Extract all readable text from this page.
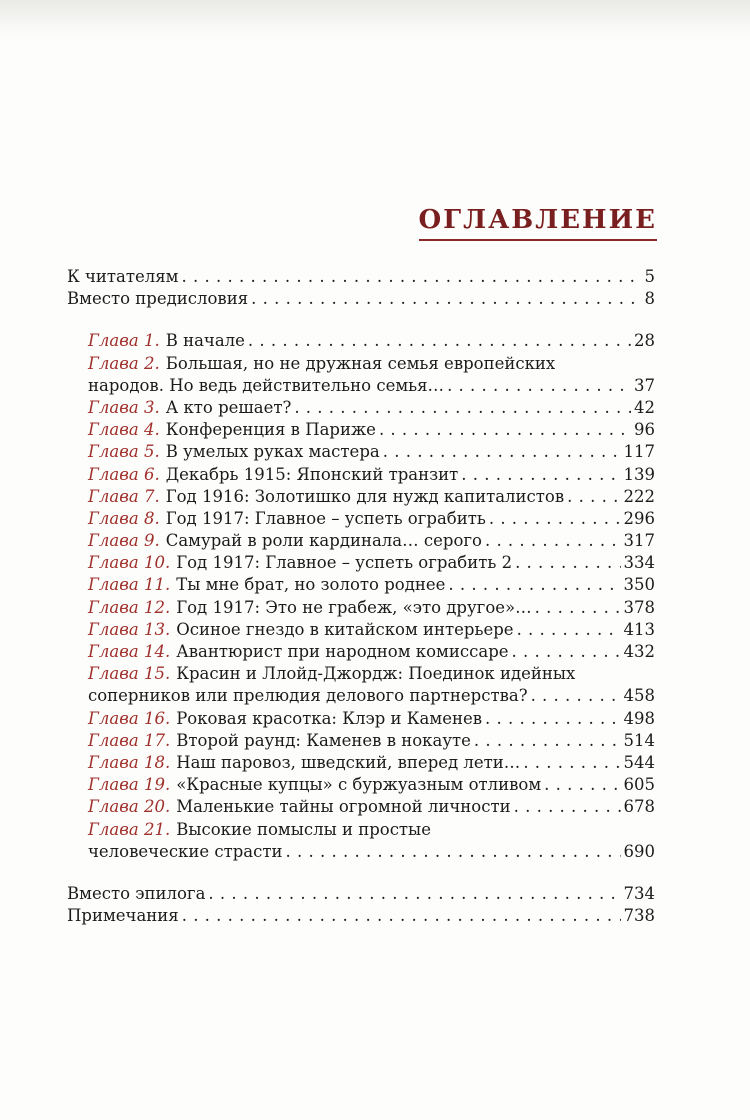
ОГЛАВЛЕНИЕ
К читателям . . .	5
Вместо предисловия . . .	8
Глава 1. В начале . . .	28
Глава 2. Большая, но не дружная семья европейских
народов. Но ведь действительно семья… . . .	37
Глава 3. А кто решает? . . .	42
Глава 4. Конференция в Париже . . .	96
Глава 5. В умелых руках мастера . . .	117
Глава 6. Декабрь 1915: Японский транзит . . .	139
Глава 7. Год 1916: Золотишко для нужд капиталистов . . .	222
Глава 8. Год 1917: Главное – успеть ограбить . . .	296
Глава 9. Самурай в роли кардинала… серого . . .	317
Глава 10. Год 1917: Главное – успеть ограбить 2 . . .	334
Глава 11. Ты мне брат, но золото роднее . . .	350
Глава 12. Год 1917: Это не грабеж, «это другое»… . . .	378
Глава 13. Осиное гнездо в китайском интерьере . . .	413
Глава 14. Авантюрист при народном комиссаре . . .	432
Глава 15. Красин и Ллойд-Джордж: Поединок идейных
соперников или прелюдия делового партнерства? . . .	458
Глава 16. Роковая красотка: Клэр и Каменев . . .	498
Глава 17. Второй раунд: Каменев в нокауте . . .	514
Глава 18. Наш паровоз, шведский, вперед лети… . . .	544
Глава 19. «Красные купцы» с буржуазным отливом . . .	605
Глава 20. Маленькие тайны огромной личности . . .	678
Глава 21. Высокие помыслы и простые
человеческие страсти . . .	690
Вместо эпилога . . .	734
Примечания . . .	738
